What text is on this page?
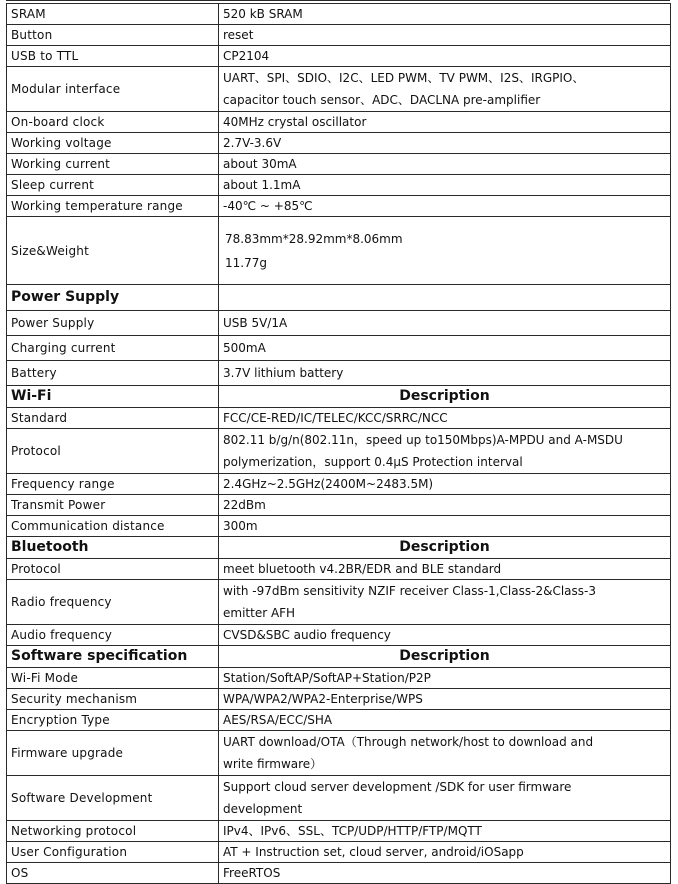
SRAM	520 kB SRAM
Button	reset
USB to TTL	CP2104
Modular interface	UART、SPI、SDIO、I2C、LED PWM、TV PWM、I2S、IRGPIO、
capacitor touch sensor、ADC、DACLNA pre-amplifier

On-board clock	40MHz crystal oscillator
Working voltage	2.7V-3.6V
Working current	about 30mA
Sleep current	about 1.1mA
Working temperature range	-40℃ ~ +85℃
Size&Weight	78.83mm*28.92mm*8.06mm
11.77g

Power Supply	
Power Supply	USB 5V/1A
Charging current	500mA
Battery	3.7V lithium battery
Wi-Fi	Description
Standard	FCC/CE-RED/IC/TELEC/KCC/SRRC/NCC
Protocol	802.11 b/g/n(802.11n，speed up to150Mbps)A-MPDU and A-MSDU
polymerization，support 0.4μS Protection interval

Frequency range	2.4GHz~2.5GHz(2400M~2483.5M)
Transmit Power	22dBm
Communication distance	300m
Bluetooth	Description
Protocol	meet bluetooth v4.2BR/EDR and BLE standard
Radio frequency	with -97dBm sensitivity NZIF receiver Class-1,Class-2&Class-3
emitter AFH

Audio frequency	CVSD&SBC audio frequency
Software specification	Description
Wi-Fi Mode	Station/SoftAP/SoftAP+Station/P2P
Security mechanism	WPA/WPA2/WPA2-Enterprise/WPS
Encryption Type	AES/RSA/ECC/SHA
Firmware upgrade	UART download/OTA（Through network/host to download and
write firmware）

Software Development	Support cloud server development /SDK for user firmware
development

Networking protocol	IPv4、IPv6、SSL、TCP/UDP/HTTP/FTP/MQTT
User Configuration	AT + Instruction set, cloud server, android/iOSapp
OS	FreeRTOS
